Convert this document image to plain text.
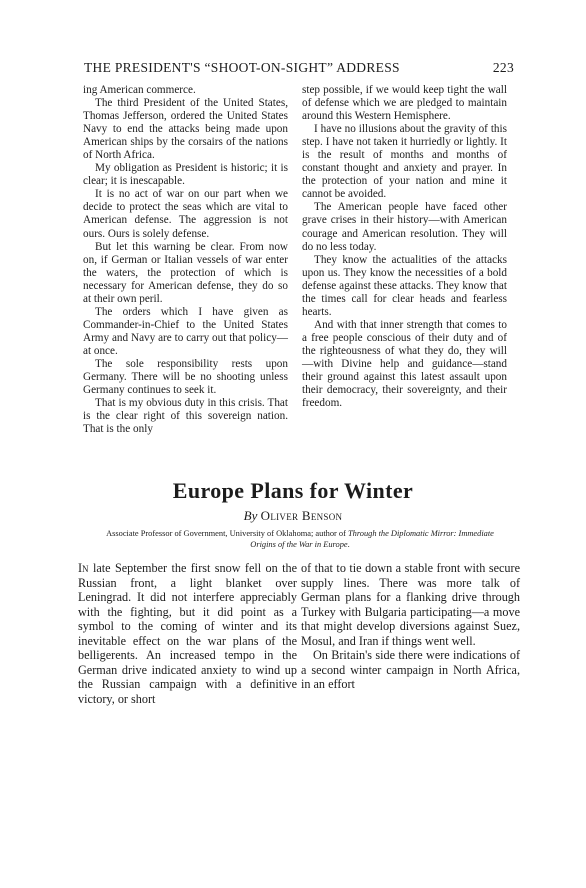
THE PRESIDENT'S “SHOOT-ON-SIGHT” ADDRESS	223

ing American commerce.

The third President of the United States, Thomas Jefferson, ordered the United States Navy to end the attacks being made upon American ships by the corsairs of the nations of North Africa.

My obligation as President is historic; it is clear; it is inescapable.

It is no act of war on our part when we decide to protect the seas which are vital to American defense. The aggression is not ours. Ours is solely defense.

But let this warning be clear. From now on, if German or Italian vessels of war enter the waters, the protection of which is necessary for American defense, they do so at their own peril.

The orders which I have given as Commander-in-Chief to the United States Army and Navy are to carry out that policy—at once.

The sole responsibility rests upon Germany. There will be no shooting unless Germany continues to seek it.

That is my obvious duty in this crisis. That is the clear right of this sovereign nation. That is the only

step possible, if we would keep tight the wall of defense which we are pledged to maintain around this Western Hemisphere.

I have no illusions about the gravity of this step. I have not taken it hurriedly or lightly. It is the result of months and months of constant thought and anxiety and prayer. In the protection of your nation and mine it cannot be avoided.

The American people have faced other grave crises in their history—with American courage and American resolution. They will do no less today.

They know the actualities of the attacks upon us. They know the necessities of a bold defense against these attacks. They know that the times call for clear heads and fearless hearts.

And with that inner strength that comes to a free people conscious of their duty and of the righteousness of what they do, they will—with Divine help and guidance—stand their ground against this latest assault upon their democracy, their sovereignty, and their freedom.

Europe Plans for Winter
By Oliver Benson
Associate Professor of Government, University of Oklahoma; author of Through the Diplomatic Mirror: Immediate Origins of the War in Europe.

In late September the first snow fell on the Russian front, a light blanket over Leningrad. It did not interfere appreciably with the fighting, but it did point as a symbol to the coming of winter and its inevitable effect on the war plans of the belligerents. An increased tempo in the German drive indicated anxiety to wind up the Russian campaign with a definitive victory, or short

of that to tie down a stable front with secure supply lines. There was more talk of German plans for a flanking drive through Turkey with Bulgaria participating—a move that might develop diversions against Suez, Mosul, and Iran if things went well.

On Britain's side there were indications of a second winter campaign in North Africa, in an effort
